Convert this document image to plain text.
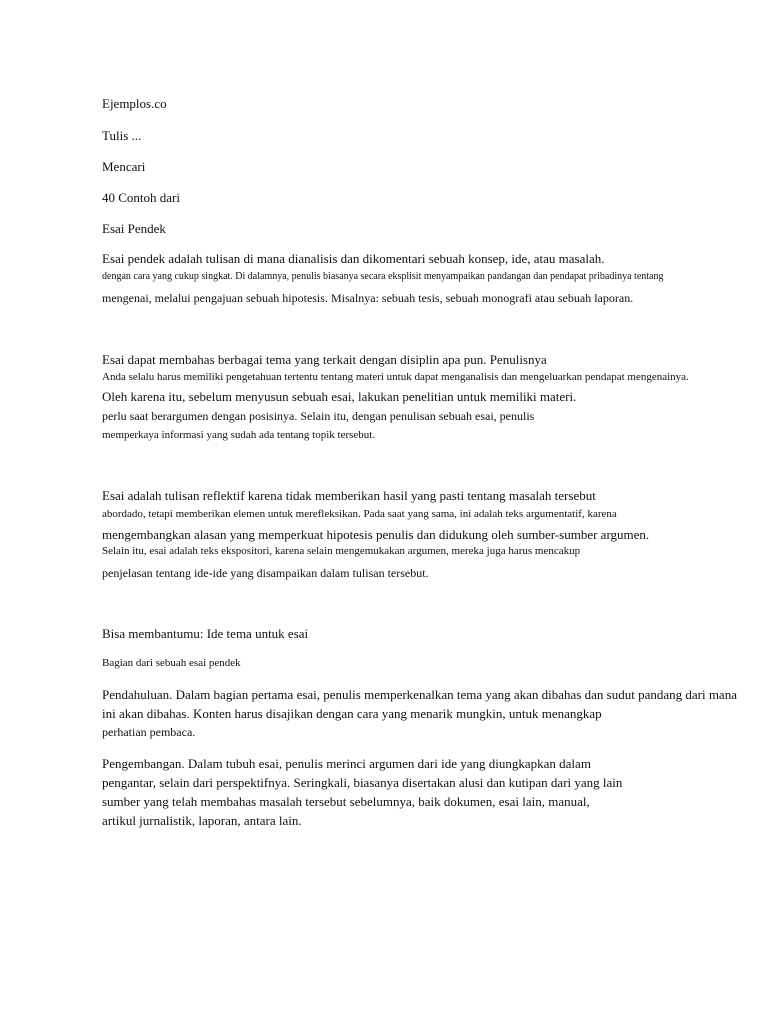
Ejemplos.co
Tulis ...
Mencari
40 Contoh dari
Esai Pendek
Esai pendek adalah tulisan di mana dianalisis dan dikomentari sebuah konsep, ide, atau masalah.
dengan cara yang cukup singkat. Di dalamnya, penulis biasanya secara eksplisit menyampaikan pandangan dan pendapat pribadinya tentang
mengenai, melalui pengajuan sebuah hipotesis. Misalnya: sebuah tesis, sebuah monografi atau sebuah laporan.
Esai dapat membahas berbagai tema yang terkait dengan disiplin apa pun. Penulisnya
Anda selalu harus memiliki pengetahuan tertentu tentang materi untuk dapat menganalisis dan mengeluarkan pendapat mengenainya.
Oleh karena itu, sebelum menyusun sebuah esai, lakukan penelitian untuk memiliki materi.
perlu saat berargumen dengan posisinya. Selain itu, dengan penulisan sebuah esai, penulis
memperkaya informasi yang sudah ada tentang topik tersebut.
Esai adalah tulisan reflektif karena tidak memberikan hasil yang pasti tentang masalah tersebut
abordado, tetapi memberikan elemen untuk merefleksikan. Pada saat yang sama, ini adalah teks argumentatif, karena
mengembangkan alasan yang memperkuat hipotesis penulis dan didukung oleh sumber-sumber argumen.
Selain itu, esai adalah teks ekspositori, karena selain mengemukakan argumen, mereka juga harus mencakup
penjelasan tentang ide-ide yang disampaikan dalam tulisan tersebut.
Bisa membantumu: Ide tema untuk esai
Bagian dari sebuah esai pendek
Pendahuluan. Dalam bagian pertama esai, penulis memperkenalkan tema yang akan dibahas dan sudut pandang dari mana
ini akan dibahas. Konten harus disajikan dengan cara yang menarik mungkin, untuk menangkap
perhatian pembaca.
Pengembangan. Dalam tubuh esai, penulis merinci argumen dari ide yang diungkapkan dalam
pengantar, selain dari perspektifnya. Seringkali, biasanya disertakan alusi dan kutipan dari yang lain
sumber yang telah membahas masalah tersebut sebelumnya, baik dokumen, esai lain, manual,
artikul jurnalistik, laporan, antara lain.
